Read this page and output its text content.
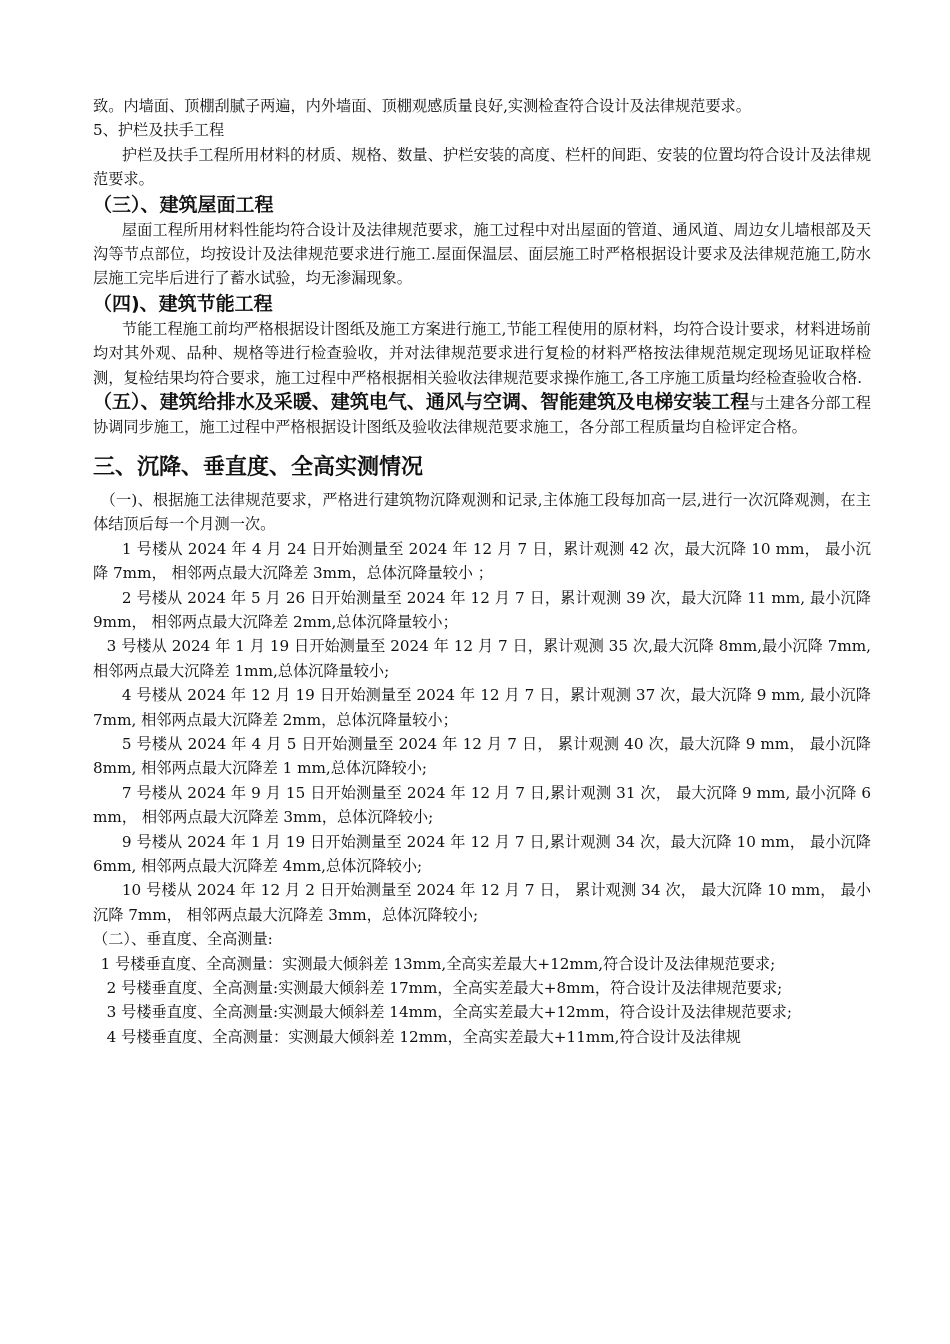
致。内墙面、顶棚刮腻子两遍，内外墙面、顶棚观感质量良好,实测检查符合设计及法律规范要求。

5、护栏及扶手工程

护栏及扶手工程所用材料的材质、规格、数量、护栏安装的高度、栏杆的间距、安装的位置均符合设计及法律规范要求。

（三）、建筑屋面工程

屋面工程所用材料性能均符合设计及法律规范要求，施工过程中对出屋面的管道、通风道、周边女儿墙根部及天沟等节点部位，均按设计及法律规范要求进行施工.屋面保温层、面层施工时严格根据设计要求及法律规范施工,防水层施工完毕后进行了蓄水试验，均无渗漏现象。

（四)、建筑节能工程

节能工程施工前均严格根据设计图纸及施工方案进行施工,节能工程使用的原材料，均符合设计要求，材料进场前均对其外观、品种、规格等进行检查验收，并对法律规范要求进行复检的材料严格按法律规范规定现场见证取样检测，复检结果均符合要求，施工过程中严格根据相关验收法律规范要求操作施工,各工序施工质量均经检查验收合格.

（五）、建筑给排水及采暖、建筑电气、通风与空调、智能建筑及电梯安装工程与土建各分部工程协调同步施工，施工过程中严格根据设计图纸及验收法律规范要求施工，各分部工程质量均自检评定合格。

三、沉降、垂直度、全高实测情况

（一)、根据施工法律规范要求，严格进行建筑物沉降观测和记录,主体施工段每加高一层,进行一次沉降观测，在主体结顶后每一个月测一次。

1 号楼从 2024 年 4 月 24 日开始测量至 2024 年 12 月 7 日，累计观测 42 次，最大沉降 10 mm， 最小沉降 7mm， 相邻两点最大沉降差 3mm，总体沉降量较小 ；

2 号楼从 2024 年 5 月 26 日开始测量至 2024 年 12 月 7 日，累计观测 39 次，最大沉降 11 mm, 最小沉降 9mm， 相邻两点最大沉降差 2mm,总体沉降量较小；

3 号楼从 2024 年 1 月 19 日开始测量至 2024 年 12 月 7 日，累计观测 35 次,最大沉降 8mm,最小沉降 7mm, 相邻两点最大沉降差 1mm,总体沉降量较小;

4 号楼从 2024 年 12 月 19 日开始测量至 2024 年 12 月 7 日，累计观测 37 次，最大沉降 9 mm, 最小沉降 7mm, 相邻两点最大沉降差 2mm，总体沉降量较小；

5 号楼从 2024 年 4 月 5 日开始测量至 2024 年 12 月 7 日， 累计观测 40 次，最大沉降 9 mm， 最小沉降 8mm, 相邻两点最大沉降差 1 mm,总体沉降较小;

7 号楼从 2024 年 9 月 15 日开始测量至 2024 年 12 月 7 日,累计观测 31 次， 最大沉降 9 mm, 最小沉降 6 mm， 相邻两点最大沉降差 3mm，总体沉降较小;

9 号楼从 2024 年 1 月 19 日开始测量至 2024 年 12 月 7 日,累计观测 34 次，最大沉降 10 mm， 最小沉降 6mm, 相邻两点最大沉降差 4mm,总体沉降较小;

10 号楼从 2024 年 12 月 2 日开始测量至 2024 年 12 月 7 日， 累计观测 34 次， 最大沉降 10 mm， 最小沉降 7mm， 相邻两点最大沉降差 3mm，总体沉降较小;

（二）、垂直度、全高测量:

1 号楼垂直度、全高测量：实测最大倾斜差 13mm,全高实差最大+12mm,符合设计及法律规范要求;

2 号楼垂直度、全高测量:实测最大倾斜差 17mm，全高实差最大+8mm，符合设计及法律规范要求;

3 号楼垂直度、全高测量:实测最大倾斜差 14mm，全高实差最大+12mm，符合设计及法律规范要求;

4 号楼垂直度、全高测量：实测最大倾斜差 12mm，全高实差最大+11mm,符合设计及法律规
